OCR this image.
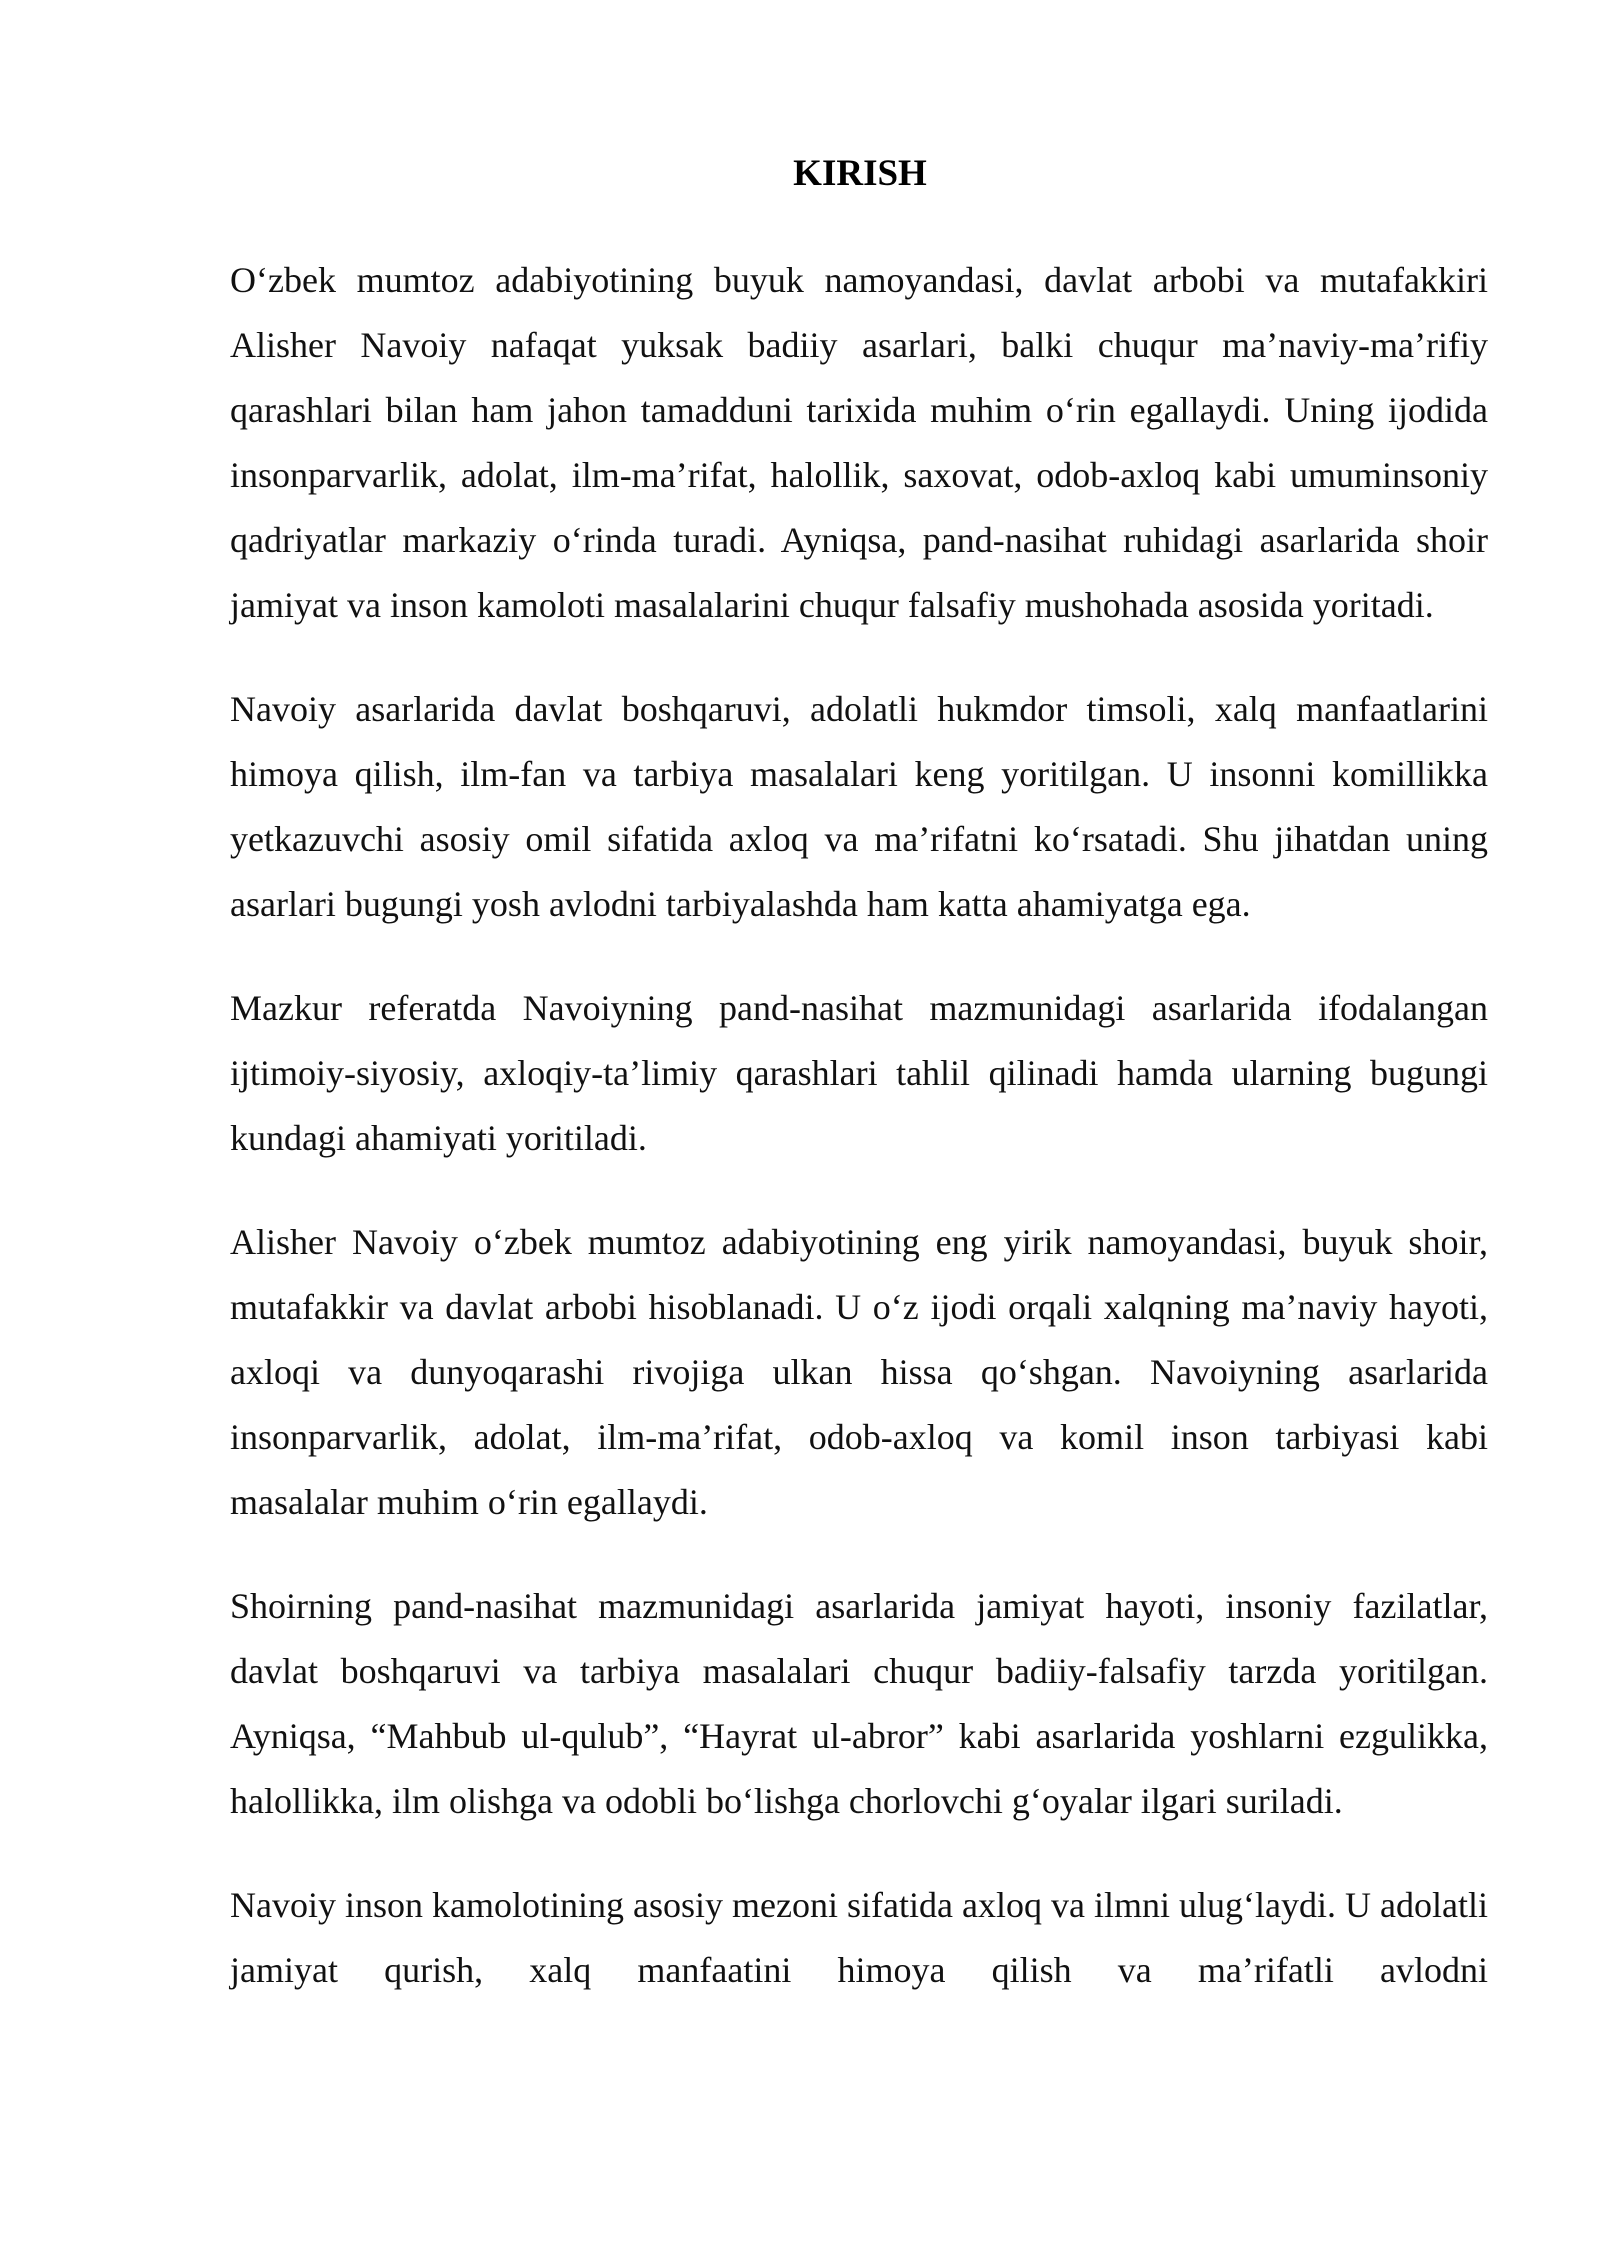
KIRISH

O‘zbek mumtoz adabiyotining buyuk namoyandasi, davlat arbobi va mutafakkiri Alisher Navoiy nafaqat yuksak badiiy asarlari, balki chuqur ma’naviy-ma’rifiy qarashlari bilan ham jahon tamadduni tarixida muhim o‘rin egallaydi. Uning ijodida insonparvarlik, adolat, ilm-ma’rifat, halollik, saxovat, odob-axloq kabi umuminsoniy qadriyatlar markaziy o‘rinda turadi. Ayniqsa, pand-nasihat ruhidagi asarlarida shoir jamiyat va inson kamoloti masalalarini chuqur falsafiy mushohada asosida yoritadi.

Navoiy asarlarida davlat boshqaruvi, adolatli hukmdor timsoli, xalq manfaatlarini himoya qilish, ilm-fan va tarbiya masalalari keng yoritilgan. U insonni komillikka yetkazuvchi asosiy omil sifatida axloq va ma’rifatni ko‘rsatadi. Shu jihatdan uning asarlari bugungi yosh avlodni tarbiyalashda ham katta ahamiyatga ega.

Mazkur referatda Navoiyning pand-nasihat mazmunidagi asarlarida ifodalangan ijtimoiy-siyosiy, axloqiy-ta’limiy qarashlari tahlil qilinadi hamda ularning bugungi kundagi ahamiyati yoritiladi.

Alisher Navoiy o‘zbek mumtoz adabiyotining eng yirik namoyandasi, buyuk shoir, mutafakkir va davlat arbobi hisoblanadi. U o‘z ijodi orqali xalqning ma’naviy hayoti, axloqi va dunyoqarashi rivojiga ulkan hissa qo‘shgan. Navoiyning asarlarida insonparvarlik, adolat, ilm-ma’rifat, odob-axloq va komil inson tarbiyasi kabi masalalar muhim o‘rin egallaydi.

Shoirning pand-nasihat mazmunidagi asarlarida jamiyat hayoti, insoniy fazilatlar, davlat boshqaruvi va tarbiya masalalari chuqur badiiy-falsafiy tarzda yoritilgan. Ayniqsa, “Mahbub ul-qulub”, “Hayrat ul-abror” kabi asarlarida yoshlarni ezgulikka, halollikka, ilm olishga va odobli bo‘lishga chorlovchi g‘oyalar ilgari suriladi.

Navoiy inson kamolotining asosiy mezoni sifatida axloq va ilmni ulug‘laydi. U adolatli jamiyat qurish, xalq manfaatini himoya qilish va ma’rifatli avlodni
